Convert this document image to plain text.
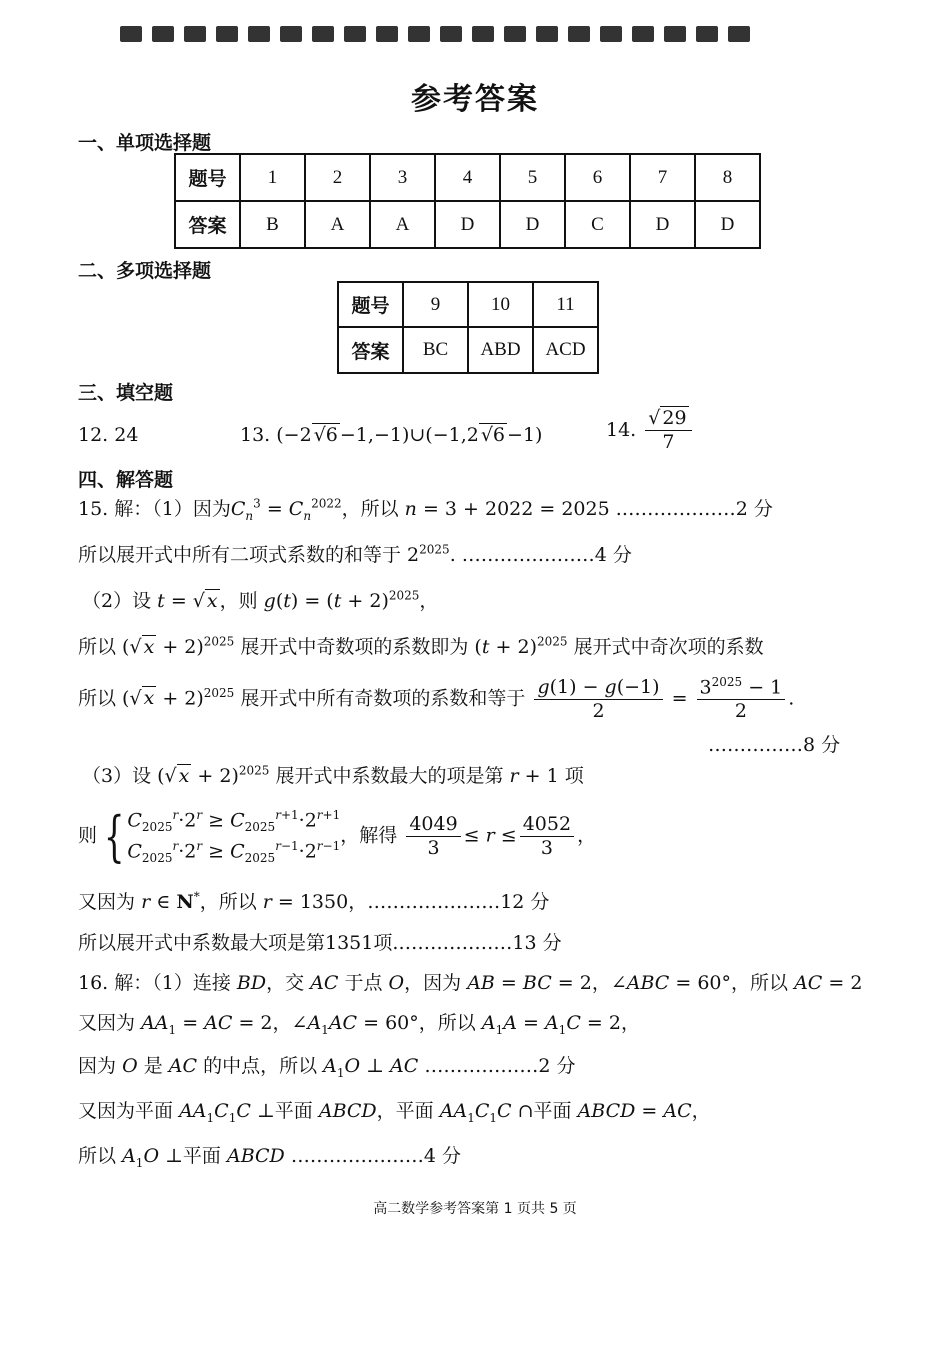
参考答案
一、单项选择题
题号	1	2	3	4	5	6	7	8
答案	B	A	A	D	D	C	D	D
二、多项选择题
题号	9	10	11
答案	BC	ABD	ACD
三、填空题
12. 24	13. (−2 √6 −1,−1)∪(−1,2 √6 −1)	14. $\frac{√ 29}{7}$
四、解答题
15. 解：（1）因为$C_n^3 = C_n^{2022}$，所以 n = 3 + 2022 = 2025 .………………2 分
所以展开式中所有二项式系数的和等于 $2^{2025}$. …………………4 分
（2）设 t = √ x ，则 $g(t) = (t + 2)^{2025}$，
所以 (√ x + 2)$^{2025}$ 展开式中奇数项的系数即为 $(t + 2)^{2025}$ 展开式中奇次项的系数
所以 (√ x + 2)$^{2025}$ 展开式中所有奇数项的系数和等于 $\frac{g(1) - g(-1)}{2} = \frac{3^{2025} - 1}{2}$ .
……………8 分
（3）设 (√ x + 2)$^{2025}$ 展开式中系数最大的项是第 r + 1 项
则 { $C_{2025}^r\cdot 2^r \ge C_{2025}^{r+1}\cdot 2^{r+1}$
$C_{2025}^r\cdot 2^r \ge C_{2025}^{r-1}\cdot 2^{r-1}$ ，解得 $\frac{4049}{3} \le r \le \frac{4052}{3}$ ，
又因为 r ∈ N*，所以 r = 1350，…………………12 分
所以展开式中系数最大项是第1351项.………………13 分
16. 解：（1）连接 BD，交 AC 于点 O，因为 AB = BC = 2，∠ABC = 60°，所以 AC = 2
又因为 $AA_1$ = AC = 2，$\angle A_1AC = 60^\circ$，所以 $A_1A = A_1C = 2$，
因为 O 是 AC 的中点，所以 $A_1O$ ⊥ AC ………………2 分
又因为平面 $AA_1C_1C$ ⊥平面 ABCD，平面 $AA_1C_1C$ ∩平面 ABCD = AC，
所以 $A_1O$ ⊥平面 ABCD …………………4 分
高二数学参考答案第 1 页共 5 页
